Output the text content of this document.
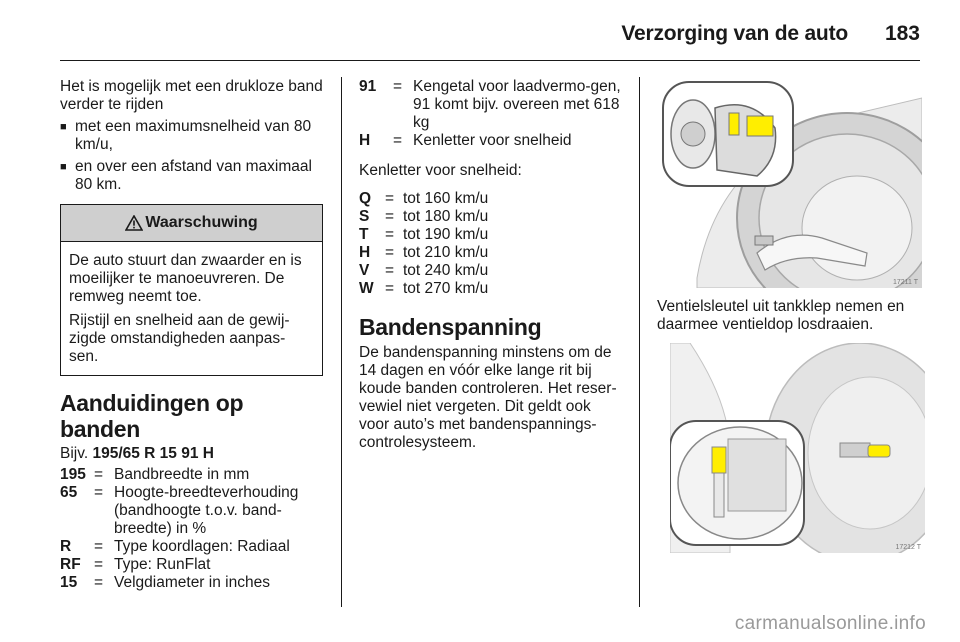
Verzorging van de auto 183

Het is mogelijk met een drukloze band verder te rijden

■ met een maximumsnelheid van 80 km/u,
■ en over een afstand van maximaal 80 km.
Waarschuwing

De auto stuurt dan zwaarder en is moeilijker te manoeuvreren. De remweg neemt toe.

Rijstijl en snelheid aan de gewij-zigde omstandigheden aanpas-sen.

Aanduidingen op banden

Bijv. 195/65 R 15 91 H

195 = Bandbreedte in mm
65	= Hoogte-breedteverhouding (bandhoogte t.o.v. band-breedte) in %
R	= Type koordlagen: Radiaal
RF = Type: RunFlat
15	= Velgdiameter in inches
91	= Kengetal voor laadvermo-gen, 91 komt bijv. overeen met 618 kg
H	= Kenletter voor snelheid

Kenletter voor snelheid:

Q = tot 160 km/u
S	= tot 180 km/u
T	= tot 190 km/u
H = tot 210 km/u
V	= tot 240 km/u
W = tot 270 km/u
Bandenspanning

De bandenspanning minstens om de 14 dagen en vóór elke lange rit bij koude banden controleren. Het reser-vewiel niet vergeten. Dit geldt ook voor auto’s met bandenspannings-controlesysteem.

17211 T
Ventielsleutel uit tankklep nemen en daarmee ventieldop losdraaien.
17212 T
carmanualsonline.info
